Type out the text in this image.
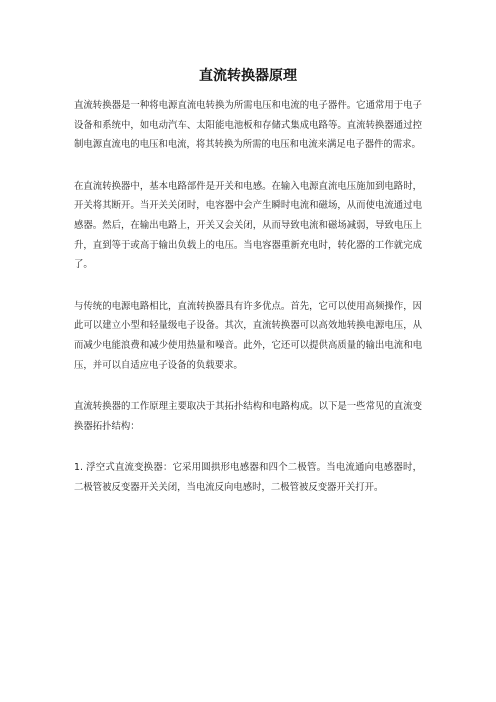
直流转换器原理

直流转换器是一种将电源直流电转换为所需电压和电流的电子器件。它通常用于电子设备和系统中，如电动汽车、太阳能电池板和存储式集成电路等。直流转换器通过控制电源直流电的电压和电流，将其转换为所需的电压和电流来满足电子器件的需求。

在直流转换器中，基本电路部件是开关和电感。在输入电源直流电压施加到电路时，开关将其断开。当开关关闭时，电容器中会产生瞬时电流和磁场，从而使电流通过电感器。然后，在输出电路上，开关又会关闭，从而导致电流和磁场减弱，导致电压上升，直到等于或高于输出负载上的电压。当电容器重新充电时，转化器的工作就完成了。

与传统的电源电路相比，直流转换器具有许多优点。首先，它可以使用高频操作，因此可以建立小型和轻量级电子设备。其次，直流转换器可以高效地转换电源电压，从而减少电能浪费和减少使用热量和噪音。此外，它还可以提供高质量的输出电流和电压，并可以自适应电子设备的负载要求。

直流转换器的工作原理主要取决于其拓扑结构和电路构成。以下是一些常见的直流变换器拓扑结构：

1. 浮空式直流变换器：它采用圆拱形电感器和四个二极管。当电流通向电感器时，二极管被反变器开关关闭，当电流反向电感时，二极管被反变器开关打开。
